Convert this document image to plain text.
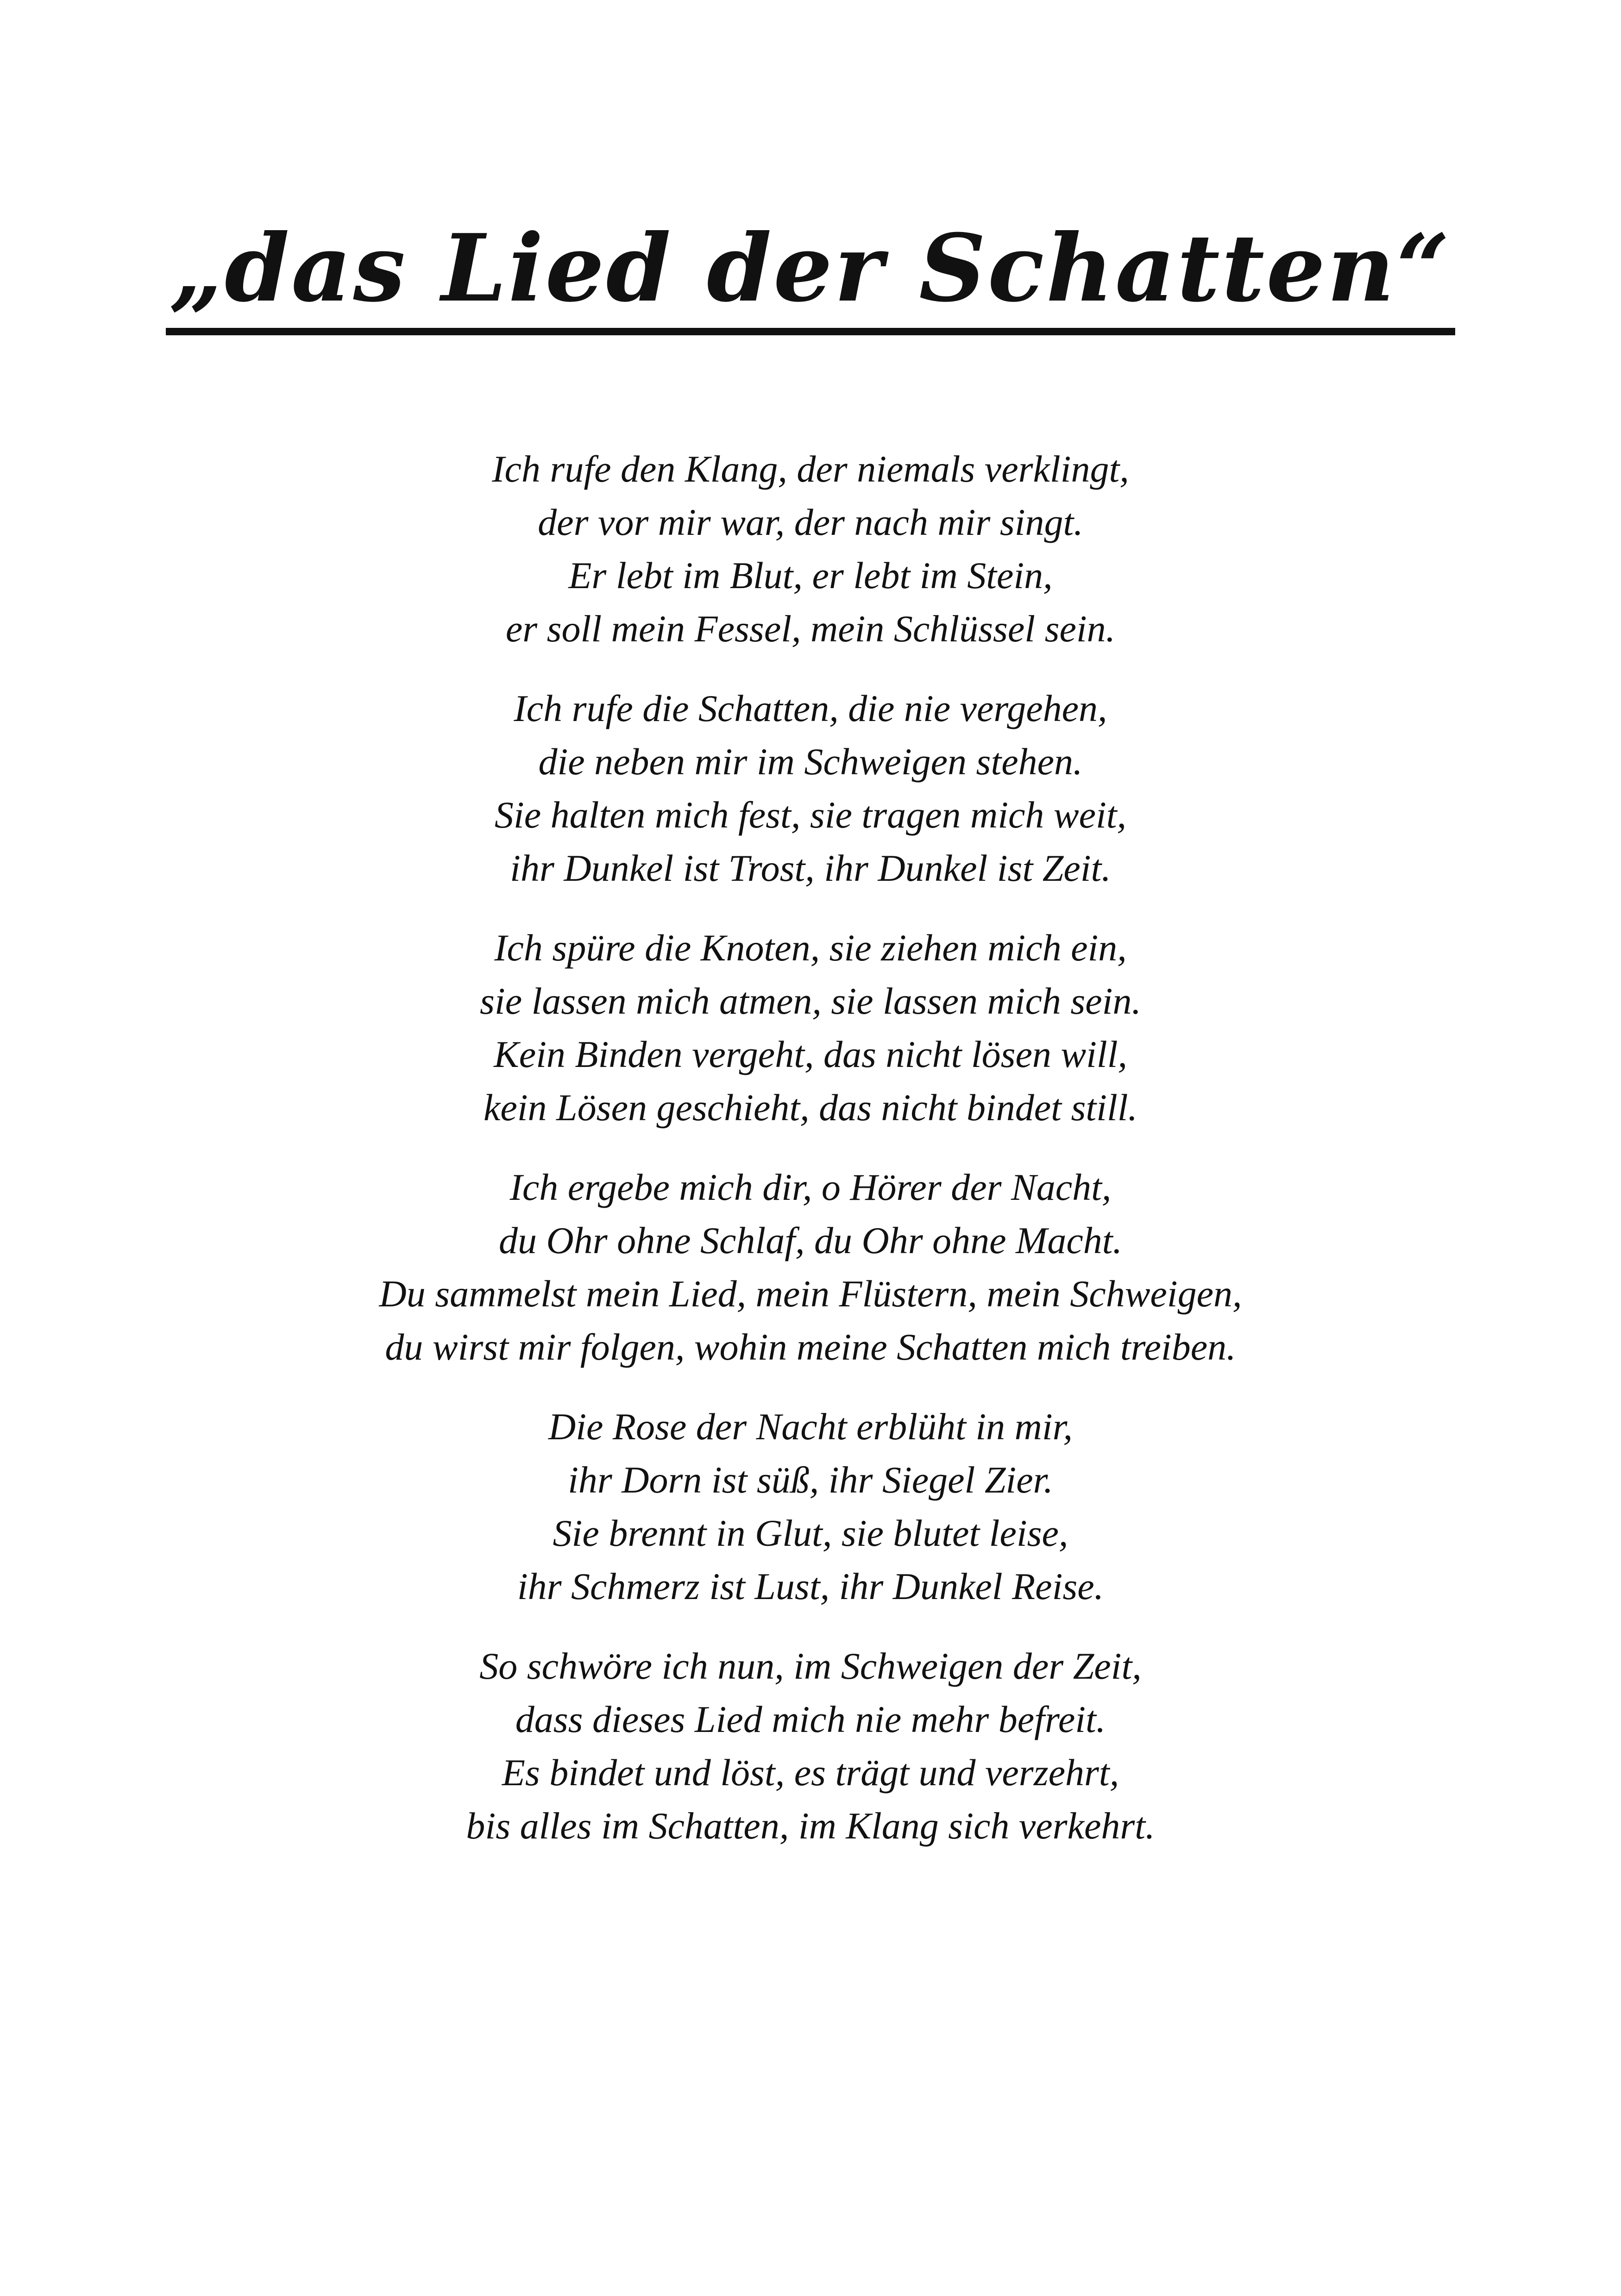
„das Lied der Schatten“
Ich rufe den Klang, der niemals verklingt,
der vor mir war, der nach mir singt.
Er lebt im Blut, er lebt im Stein,
er soll mein Fessel, mein Schlüssel sein.
Ich rufe die Schatten, die nie vergehen,
die neben mir im Schweigen stehen.
Sie halten mich fest, sie tragen mich weit,
ihr Dunkel ist Trost, ihr Dunkel ist Zeit.
Ich spüre die Knoten, sie ziehen mich ein,
sie lassen mich atmen, sie lassen mich sein.
Kein Binden vergeht, das nicht lösen will,
kein Lösen geschieht, das nicht bindet still.
Ich ergebe mich dir, o Hörer der Nacht,
du Ohr ohne Schlaf, du Ohr ohne Macht.
Du sammelst mein Lied, mein Flüstern, mein Schweigen,
du wirst mir folgen, wohin meine Schatten mich treiben.
Die Rose der Nacht erblüht in mir,
ihr Dorn ist süß, ihr Siegel Zier.
Sie brennt in Glut, sie blutet leise,
ihr Schmerz ist Lust, ihr Dunkel Reise.
So schwöre ich nun, im Schweigen der Zeit,
dass dieses Lied mich nie mehr befreit.
Es bindet und löst, es trägt und verzehrt,
bis alles im Schatten, im Klang sich verkehrt.
